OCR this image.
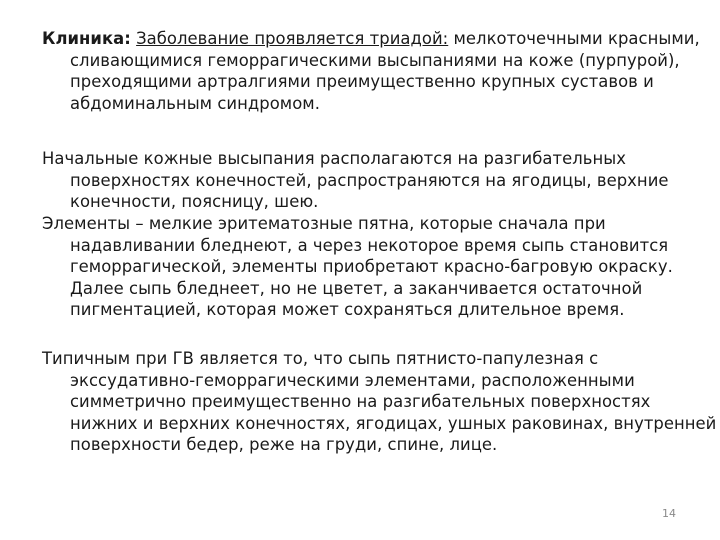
Клиника: Заболевание проявляется триадой: мелкоточечными красными, сливающимися геморрагическими высыпаниями на коже (пурпурой), преходящими артралгиями преимущественно крупных суставов и абдоминальным синдромом.

Начальные кожные высыпания располагаются на разгибательных поверхностях конечностей, распространяются на ягодицы, верхние конечности, поясницу, шею.

Элементы – мелкие эритематозные пятна, которые сначала при надавливании бледнеют, а через некоторое время сыпь становится геморрагической, элементы приобретают красно-багровую окраску. Далее сыпь бледнеет, но не цветет, а заканчивается остаточной пигментацией, которая может сохраняться длительное время.

Типичным при ГВ является то, что сыпь пятнисто-папулезная с экссудативно-геморрагическими элементами, расположенными симметрично преимущественно на разгибательных поверхностях нижних и верхних конечностях, ягодицах, ушных раковинах, внутренней поверхности бедер, реже на груди, спине, лице.

14
